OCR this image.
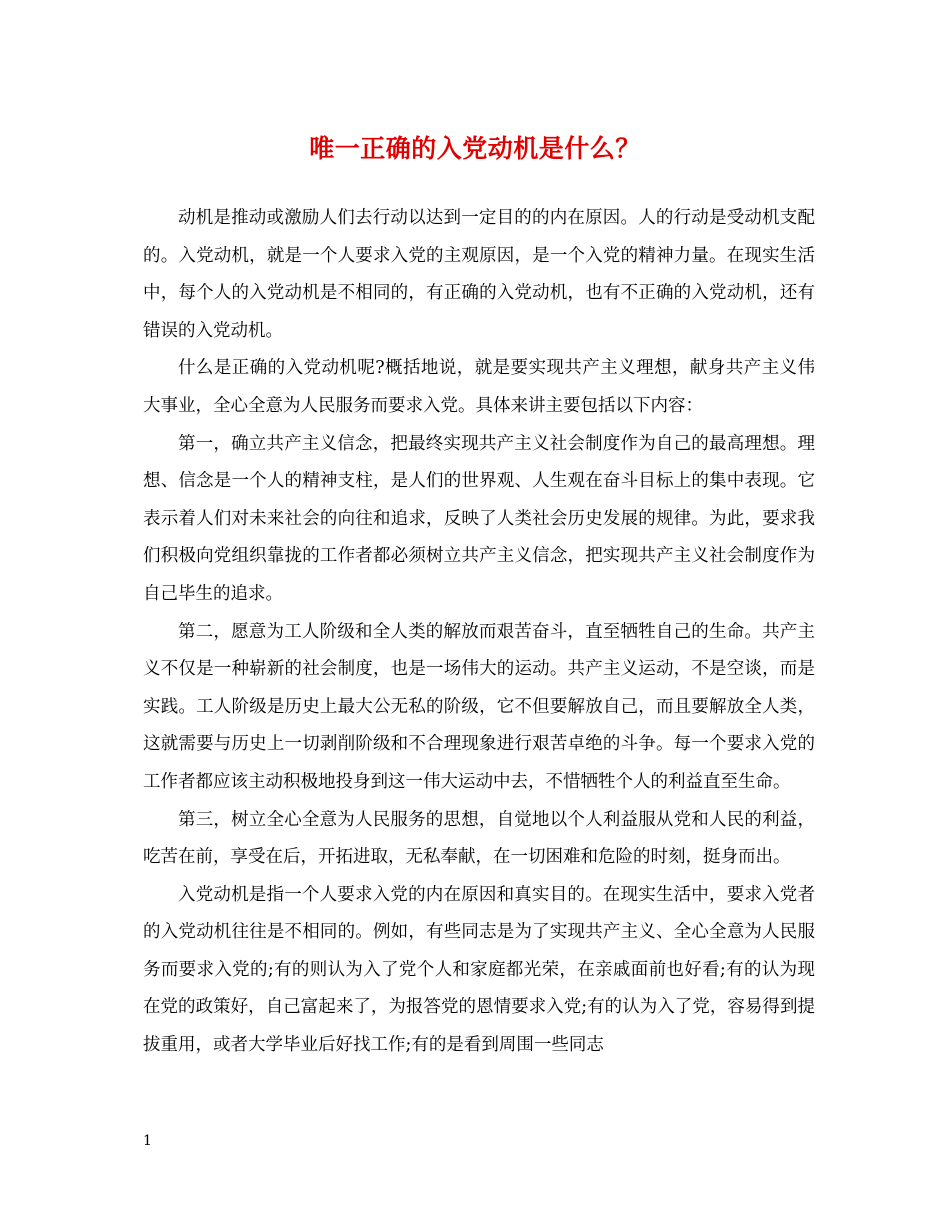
唯一正确的入党动机是什么？

动机是推动或激励人们去行动以达到一定目的的内在原因。人的行动是受动机支配的。入党动机，就是一个人要求入党的主观原因，是一个入党的精神力量。在现实生活中，每个人的入党动机是不相同的，有正确的入党动机，也有不正确的入党动机，还有错误的入党动机。

什么是正确的入党动机呢?概括地说，就是要实现共产主义理想，献身共产主义伟大事业，全心全意为人民服务而要求入党。具体来讲主要包括以下内容：

第一，确立共产主义信念，把最终实现共产主义社会制度作为自己的最高理想。理想、信念是一个人的精神支柱，是人们的世界观、人生观在奋斗目标上的集中表现。它表示着人们对未来社会的向往和追求，反映了人类社会历史发展的规律。为此，要求我们积极向党组织靠拢的工作者都必须树立共产主义信念，把实现共产主义社会制度作为自己毕生的追求。

第二，愿意为工人阶级和全人类的解放而艰苦奋斗，直至牺牲自己的生命。共产主义不仅是一种崭新的社会制度，也是一场伟大的运动。共产主义运动，不是空谈，而是实践。工人阶级是历史上最大公无私的阶级，它不但要解放自己，而且要解放全人类，这就需要与历史上一切剥削阶级和不合理现象进行艰苦卓绝的斗争。每一个要求入党的工作者都应该主动积极地投身到这一伟大运动中去，不惜牺牲个人的利益直至生命。

第三，树立全心全意为人民服务的思想，自觉地以个人利益服从党和人民的利益，吃苦在前，享受在后，开拓进取，无私奉献，在一切困难和危险的时刻，挺身而出。

入党动机是指一个人要求入党的内在原因和真实目的。在现实生活中，要求入党者的入党动机往往是不相同的。例如，有些同志是为了实现共产主义、全心全意为人民服务而要求入党的;有的则认为入了党个人和家庭都光荣，在亲戚面前也好看;有的认为现在党的政策好，自己富起来了，为报答党的恩情要求入党;有的认为入了党，容易得到提拔重用，或者大学毕业后好找工作;有的是看到周围一些同志

1
